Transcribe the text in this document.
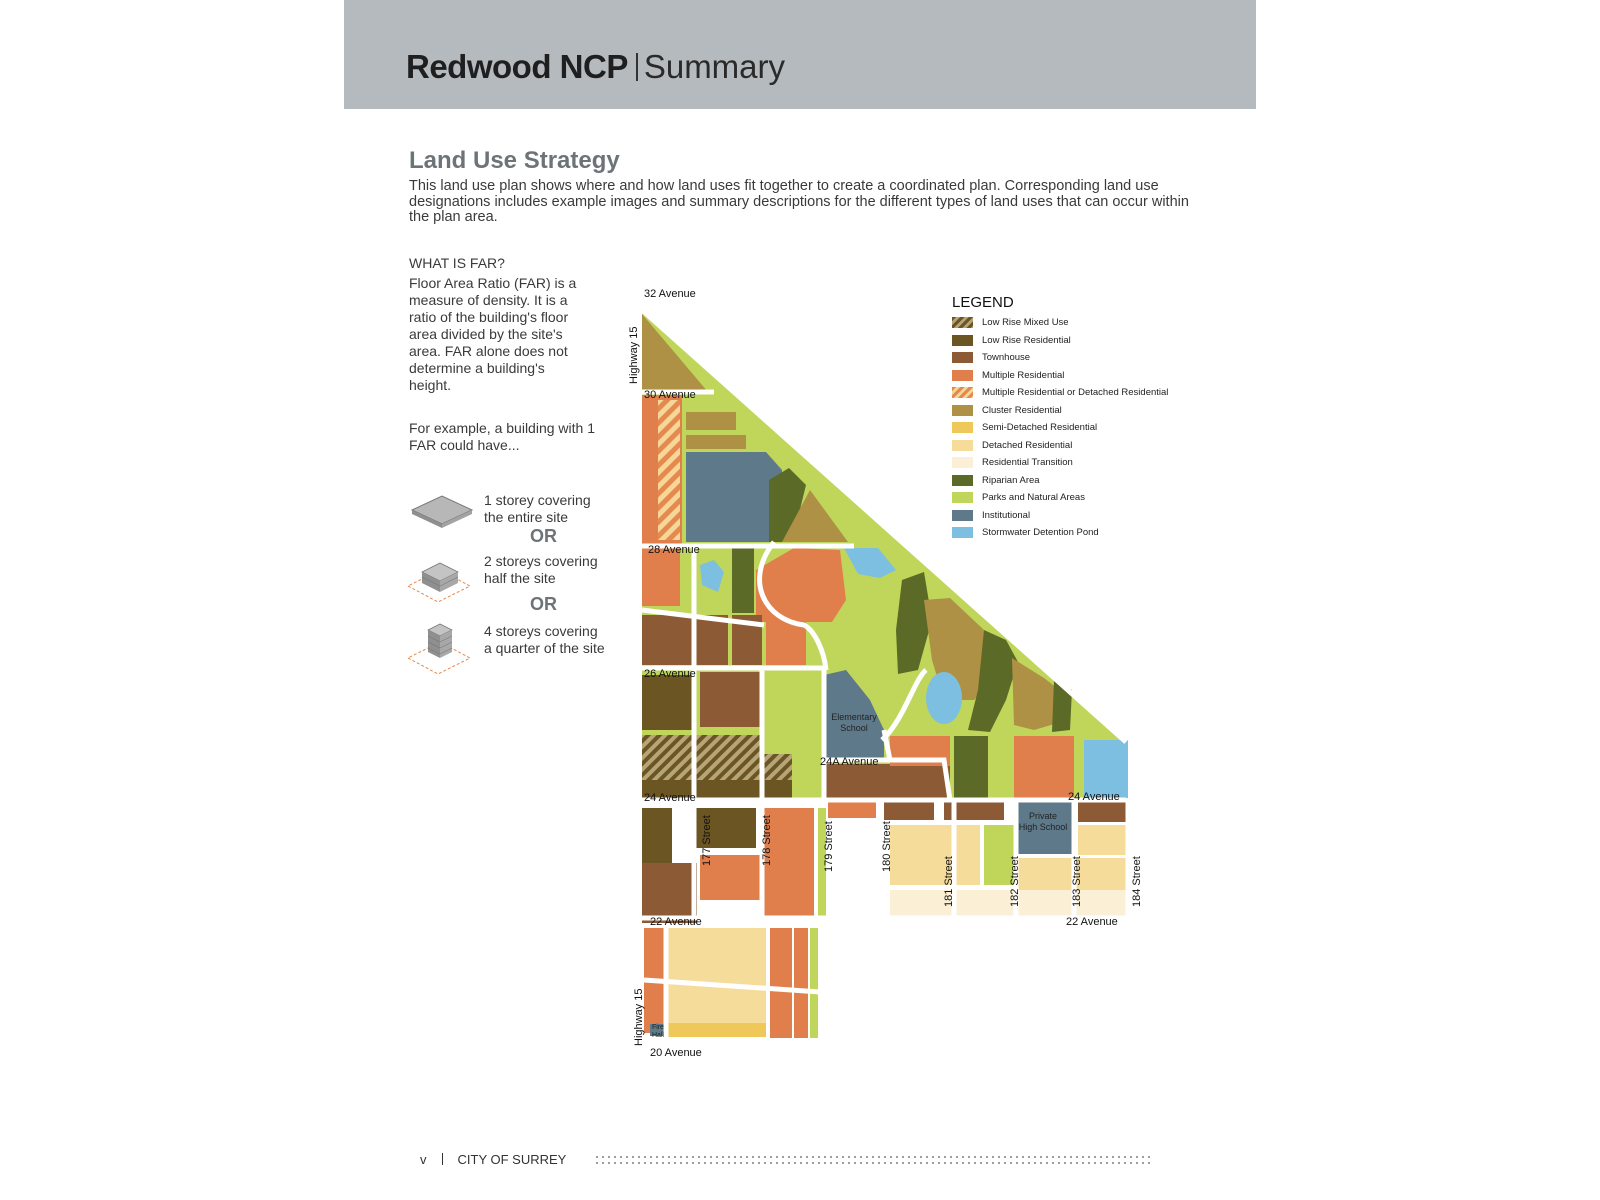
Redwood NCP Summary
Land Use Strategy

This land use plan shows where and how land uses fit together to create a coordinated plan. Corresponding land use designations includes example images and summary descriptions for the different types of land uses that can occur within the plan area.

WHAT IS FAR?

Floor Area Ratio (FAR) is a measure of density. It is a ratio of the building's floor area divided by the site's area. FAR alone does not determine a building's height.

For example, a building with 1 FAR could have...

1 storey covering the entire site
OR
2 storeys covering half the site
OR
4 storeys covering a quarter of the site
Elementary
School
Private
High School
Fire
Hall
32 Avenue
30 Avenue
28 Avenue
26 Avenue
24A Avenue
24 Avenue	24 Avenue
22 Avenue	22 Avenue
20 Avenue
Highway 15
Highway 15
177 Street	178 Street	179 Street	180 Street
181 Street	182 Street	183 Street	184 Street
LEGEND
Low Rise Mixed Use
Low Rise Residential
Townhouse
Multiple Residential
Multiple Residential or Detached Residential
Cluster Residential
Semi-Detached Residential
Detached Residential
Residential Transition
Riparian Area
Parks and Natural Areas
Institutional
Stormwater Detention Pond
v CITY OF SURREY
